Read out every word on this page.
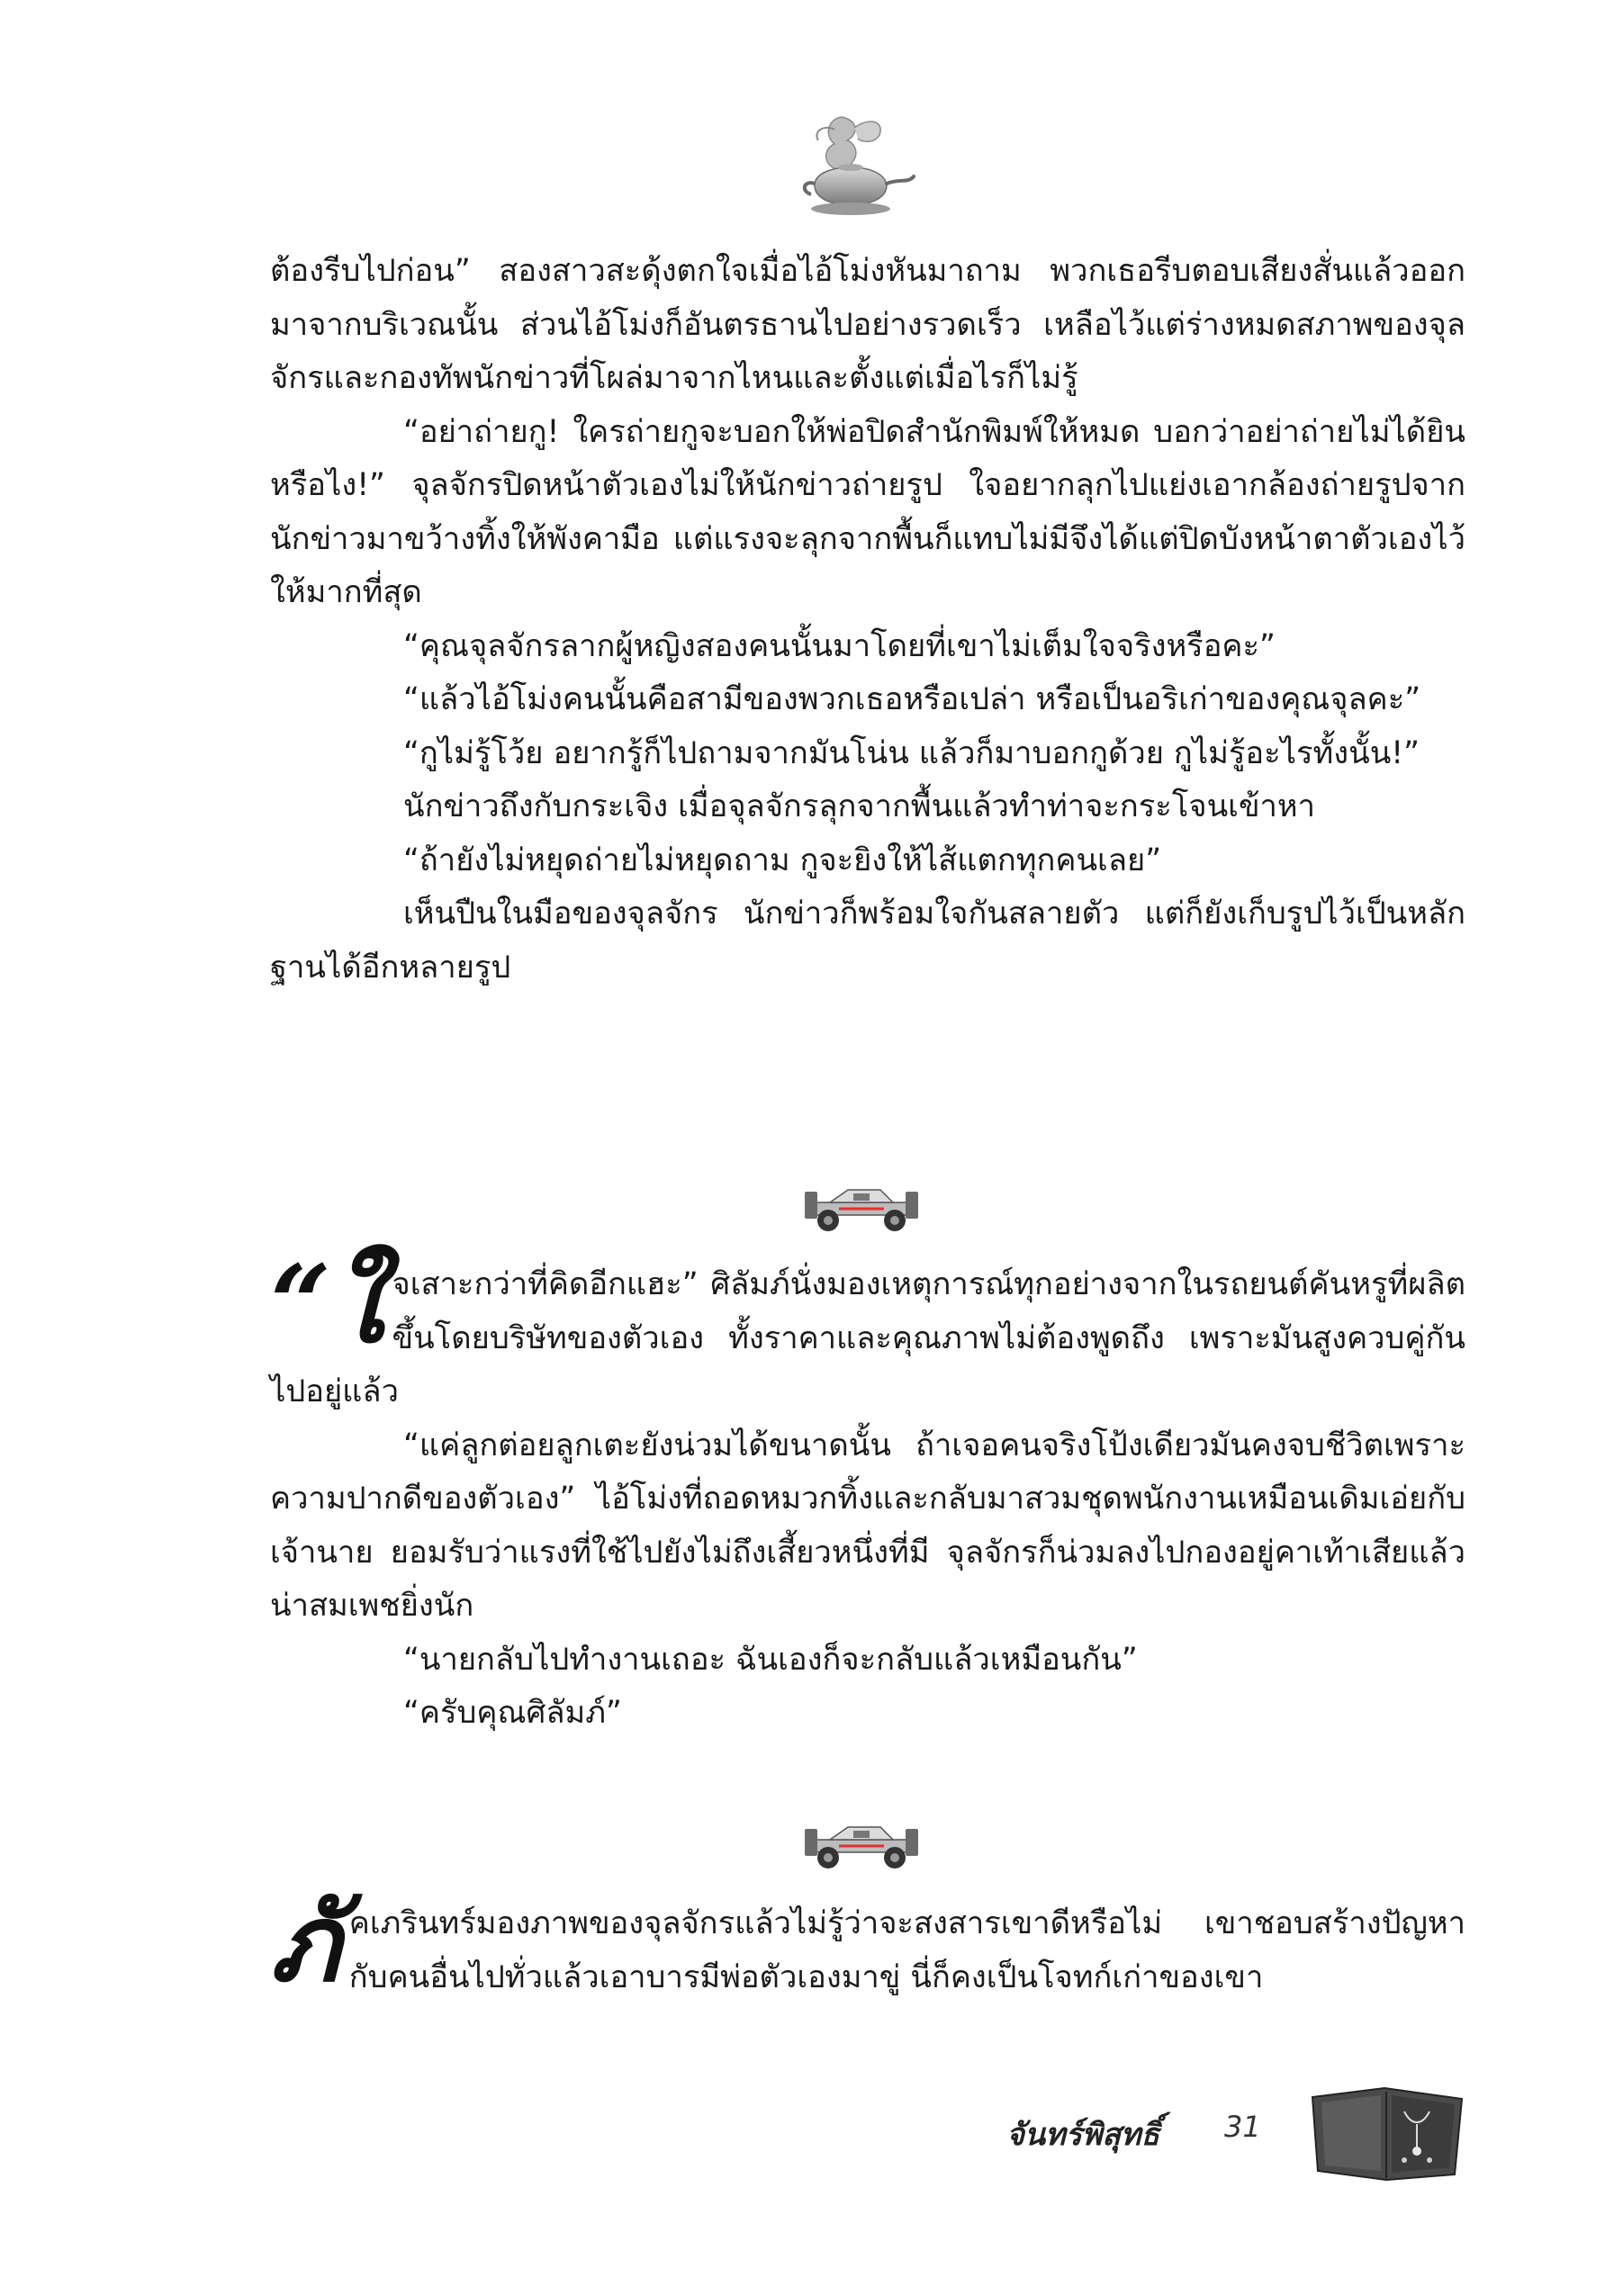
ต้องรีบไปก่อน” สองสาวสะดุ้งตกใจเมื่อไอ้โม่งหันมาถาม พวกเธอรีบตอบเสียงสั่นแล้วออกมาจากบริเวณนั้น ส่วนไอ้โม่งก็อันตรธานไปอย่างรวดเร็ว เหลือไว้แต่ร่างหมดสภาพของจุลจักรและกองทัพนักข่าวที่โผล่มาจากไหนและตั้งแต่เมื่อไรก็ไม่รู้

“อย่าถ่ายกู! ใครถ่ายกูจะบอกให้พ่อปิดสำนักพิมพ์ให้หมด บอกว่าอย่าถ่ายไม่ได้ยินหรือไง!” จุลจักรปิดหน้าตัวเองไม่ให้นักข่าวถ่ายรูป ใจอยากลุกไปแย่งเอากล้องถ่ายรูปจากนักข่าวมาขว้างทิ้งให้พังคามือ แต่แรงจะลุกจากพื้นก็แทบไม่มีจึงได้แต่ปิดบังหน้าตาตัวเองไว้ให้มากที่สุด

“คุณจุลจักรลากผู้หญิงสองคนนั้นมาโดยที่เขาไม่เต็มใจจริงหรือคะ”

“แล้วไอ้โม่งคนนั้นคือสามีของพวกเธอหรือเปล่า หรือเป็นอริเก่าของคุณจุลคะ”

“กูไม่รู้โว้ย อยากรู้ก็ไปถามจากมันโน่น แล้วก็มาบอกกูด้วย กูไม่รู้อะไรทั้งนั้น!”

นักข่าวถึงกับกระเจิง เมื่อจุลจักรลุกจากพื้นแล้วทำท่าจะกระโจนเข้าหา

“ถ้ายังไม่หยุดถ่ายไม่หยุดถาม กูจะยิงให้ไส้แตกทุกคนเลย”

เห็นปืนในมือของจุลจักร นักข่าวก็พร้อมใจกันสลายตัว แต่ก็ยังเก็บรูปไว้เป็นหลักฐานได้อีกหลายรูป

“ใ จเสาะกว่าที่คิดอีกแฮะ” ศิลัมภ์นั่งมองเหตุการณ์ทุกอย่างจากในรถยนต์คันหรูที่ผลิตขึ้นโดยบริษัทของตัวเอง ทั้งราคาและคุณภาพไม่ต้องพูดถึง เพราะมันสูงควบคู่กันไปอยู่แล้ว

“แค่ลูกต่อยลูกเตะยังน่วมได้ขนาดนั้น ถ้าเจอคนจริงโป้งเดียวมันคงจบชีวิตเพราะความปากดีของตัวเอง” ไอ้โม่งที่ถอดหมวกทิ้งและกลับมาสวมชุดพนักงานเหมือนเดิมเอ่ยกับเจ้านาย ยอมรับว่าแรงที่ใช้ไปยังไม่ถึงเสี้ยวหนึ่งที่มี จุลจักรก็น่วมลงไปกองอยู่คาเท้าเสียแล้ว น่าสมเพชยิ่งนัก

“นายกลับไปทำงานเถอะ ฉันเองก็จะกลับแล้วเหมือนกัน”

“ครับคุณศิลัมภ์”

ภั คเภรินทร์มองภาพของจุลจักรแล้วไม่รู้ว่าจะสงสารเขาดีหรือไม่ เขาชอบสร้างปัญหากับคนอื่นไปทั่วแล้วเอาบารมีพ่อตัวเองมาขู่ นี่ก็คงเป็นโจทก์เก่าของเขา

จันทร์พิสุทธิ์ 31
